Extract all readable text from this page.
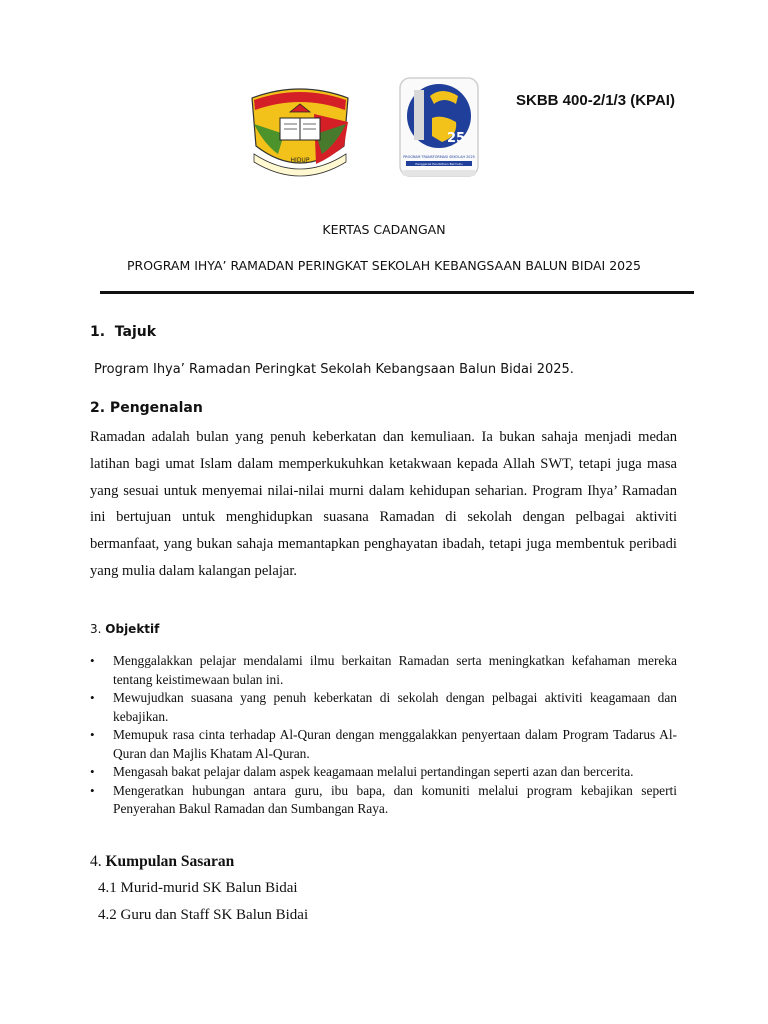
HIDUP
25
PROGRAM TRANSFORMASI SEKOLAH 2025
Penggerak Pendidikan Bermutu
SKBB 400-2/1/3 (KPAI)
KERTAS CADANGAN
PROGRAM IHYA’ RAMADAN PERINGKAT SEKOLAH KEBANGSAAN BALUN BIDAI 2025
1.  Tajuk
Program Ihya’ Ramadan Peringkat Sekolah Kebangsaan Balun Bidai 2025.
2. Pengenalan
Ramadan adalah bulan yang penuh keberkatan dan kemuliaan. Ia bukan sahaja menjadi medan latihan bagi umat Islam dalam memperkukuhkan ketakwaan kepada Allah SWT, tetapi juga masa yang sesuai untuk menyemai nilai-nilai murni dalam kehidupan seharian. Program Ihya’ Ramadan ini bertujuan untuk menghidupkan suasana Ramadan di sekolah dengan pelbagai aktiviti bermanfaat, yang bukan sahaja memantapkan penghayatan ibadah, tetapi juga membentuk peribadi yang mulia dalam kalangan pelajar.
3. Objektif
• Menggalakkan pelajar mendalami ilmu berkaitan Ramadan serta meningkatkan kefahaman mereka tentang keistimewaan bulan ini.
• Mewujudkan suasana yang penuh keberkatan di sekolah dengan pelbagai aktiviti keagamaan dan kebajikan.
• Memupuk rasa cinta terhadap Al-Quran dengan menggalakkan penyertaan dalam Program Tadarus Al-Quran dan Majlis Khatam Al-Quran.
• Mengasah bakat pelajar dalam aspek keagamaan melalui pertandingan seperti azan dan bercerita.
• Mengeratkan hubungan antara guru, ibu bapa, dan komuniti melalui program kebajikan seperti Penyerahan Bakul Ramadan dan Sumbangan Raya.
4. Kumpulan Sasaran
4.1 Murid-murid SK Balun Bidai
4.2 Guru dan Staff SK Balun Bidai
